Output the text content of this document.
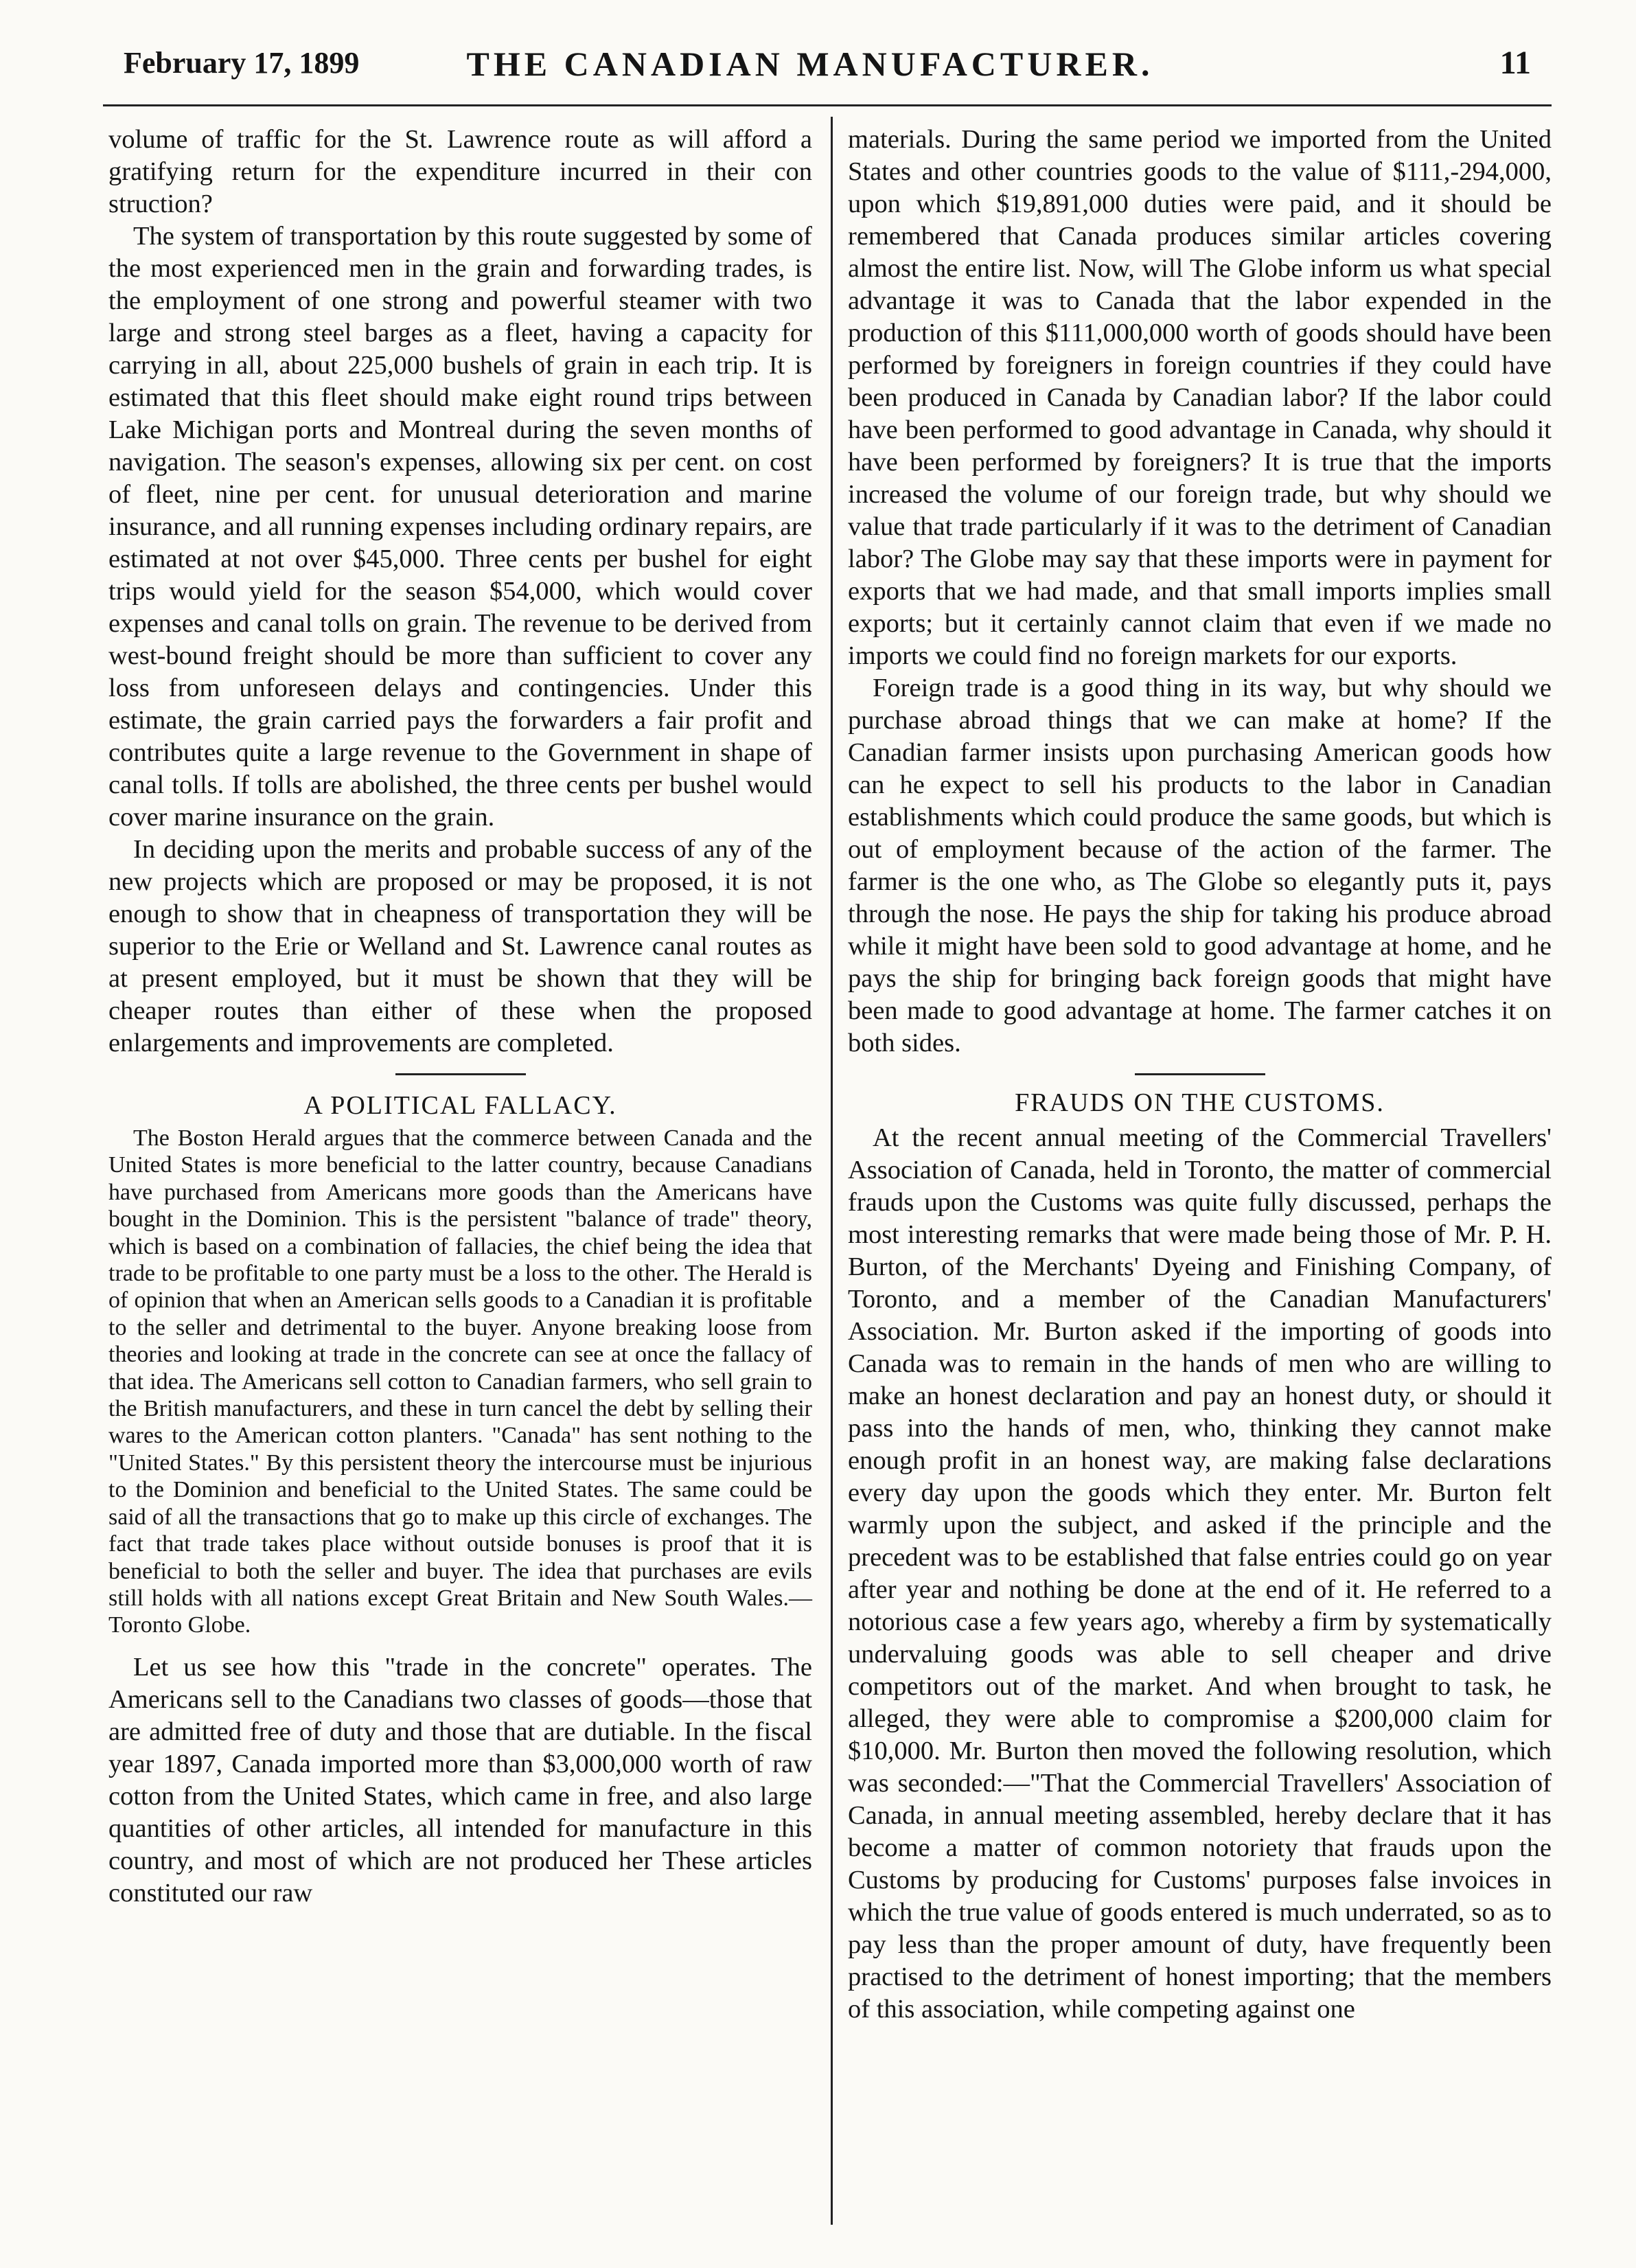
February 17, 1899	THE CANADIAN MANUFACTURER.	11

volume of traffic for the St. Lawrence route as will afford a gratifying return for the expenditure incurred in their con struction?

The system of transportation by this route suggested by some of the most experienced men in the grain and forwarding trades, is the employment of one strong and powerful steamer with two large and strong steel barges as a fleet, having a capacity for carrying in all, about 225,000 bushels of grain in each trip. It is estimated that this fleet should make eight round trips between Lake Michigan ports and Montreal during the seven months of navigation. The season's expenses, allowing six per cent. on cost of fleet, nine per cent. for unusual deterioration and marine insurance, and all running expenses including ordinary repairs, are estimated at not over $45,000. Three cents per bushel for eight trips would yield for the season $54,000, which would cover expenses and canal tolls on grain. The revenue to be derived from west-bound freight should be more than sufficient to cover any loss from unforeseen delays and contingencies. Under this estimate, the grain carried pays the forwarders a fair profit and contributes quite a large revenue to the Government in shape of canal tolls. If tolls are abolished, the three cents per bushel would cover marine insurance on the grain.

In deciding upon the merits and probable success of any of the new projects which are proposed or may be proposed, it is not enough to show that in cheapness of transportation they will be superior to the Erie or Welland and St. Lawrence canal routes as at present employed, but it must be shown that they will be cheaper routes than either of these when the proposed enlargements and improvements are completed.

A POLITICAL FALLACY.

The Boston Herald argues that the commerce between Canada and the United States is more beneficial to the latter country, because Canadians have purchased from Americans more goods than the Americans have bought in the Dominion. This is the persistent "balance of trade" theory, which is based on a combination of fallacies, the chief being the idea that trade to be profitable to one party must be a loss to the other. The Herald is of opinion that when an American sells goods to a Canadian it is profitable to the seller and detrimental to the buyer. Anyone breaking loose from theories and looking at trade in the concrete can see at once the fallacy of that idea. The Americans sell cotton to Canadian farmers, who sell grain to the British manufacturers, and these in turn cancel the debt by selling their wares to the American cotton planters. "Canada" has sent nothing to the "United States." By this persistent theory the intercourse must be injurious to the Dominion and beneficial to the United States. The same could be said of all the transactions that go to make up this circle of exchanges. The fact that trade takes place without outside bonuses is proof that it is beneficial to both the seller and buyer. The idea that purchases are evils still holds with all nations except Great Britain and New South Wales.—Toronto Globe.

Let us see how this "trade in the concrete" operates. The Americans sell to the Canadians two classes of goods—those that are admitted free of duty and those that are dutiable. In the fiscal year 1897, Canada imported more than $3,000,000 worth of raw cotton from the United States, which came in free, and also large quantities of other articles, all intended for manufacture in this country, and most of which are not produced her These articles constituted our raw

materials. During the same period we imported from the United States and other countries goods to the value of $111,-294,000, upon which $19,891,000 duties were paid, and it should be remembered that Canada produces similar articles covering almost the entire list. Now, will The Globe inform us what special advantage it was to Canada that the labor expended in the production of this $111,000,000 worth of goods should have been performed by foreigners in foreign countries if they could have been produced in Canada by Canadian labor? If the labor could have been performed to good advantage in Canada, why should it have been performed by foreigners? It is true that the imports increased the volume of our foreign trade, but why should we value that trade particularly if it was to the detriment of Canadian labor? The Globe may say that these imports were in payment for exports that we had made, and that small imports implies small exports; but it certainly cannot claim that even if we made no imports we could find no foreign markets for our exports.

Foreign trade is a good thing in its way, but why should we purchase abroad things that we can make at home? If the Canadian farmer insists upon purchasing American goods how can he expect to sell his products to the labor in Canadian establishments which could produce the same goods, but which is out of employment because of the action of the farmer. The farmer is the one who, as The Globe so elegantly puts it, pays through the nose. He pays the ship for taking his produce abroad while it might have been sold to good advantage at home, and he pays the ship for bringing back foreign goods that might have been made to good advantage at home. The farmer catches it on both sides.

FRAUDS ON THE CUSTOMS.

At the recent annual meeting of the Commercial Travellers' Association of Canada, held in Toronto, the matter of commercial frauds upon the Customs was quite fully discussed, perhaps the most interesting remarks that were made being those of Mr. P. H. Burton, of the Merchants' Dyeing and Finishing Company, of Toronto, and a member of the Canadian Manufacturers' Association. Mr. Burton asked if the importing of goods into Canada was to remain in the hands of men who are willing to make an honest declaration and pay an honest duty, or should it pass into the hands of men, who, thinking they cannot make enough profit in an honest way, are making false declarations every day upon the goods which they enter. Mr. Burton felt warmly upon the subject, and asked if the principle and the precedent was to be established that false entries could go on year after year and nothing be done at the end of it. He referred to a notorious case a few years ago, whereby a firm by systematically undervaluing goods was able to sell cheaper and drive competitors out of the market. And when brought to task, he alleged, they were able to compromise a $200,000 claim for $10,000. Mr. Burton then moved the following resolution, which was seconded:—"That the Commercial Travellers' Association of Canada, in annual meeting assembled, hereby declare that it has become a matter of common notoriety that frauds upon the Customs by producing for Customs' purposes false invoices in which the true value of goods entered is much underrated, so as to pay less than the proper amount of duty, have frequently been practised to the detriment of honest importing; that the members of this association, while competing against one
